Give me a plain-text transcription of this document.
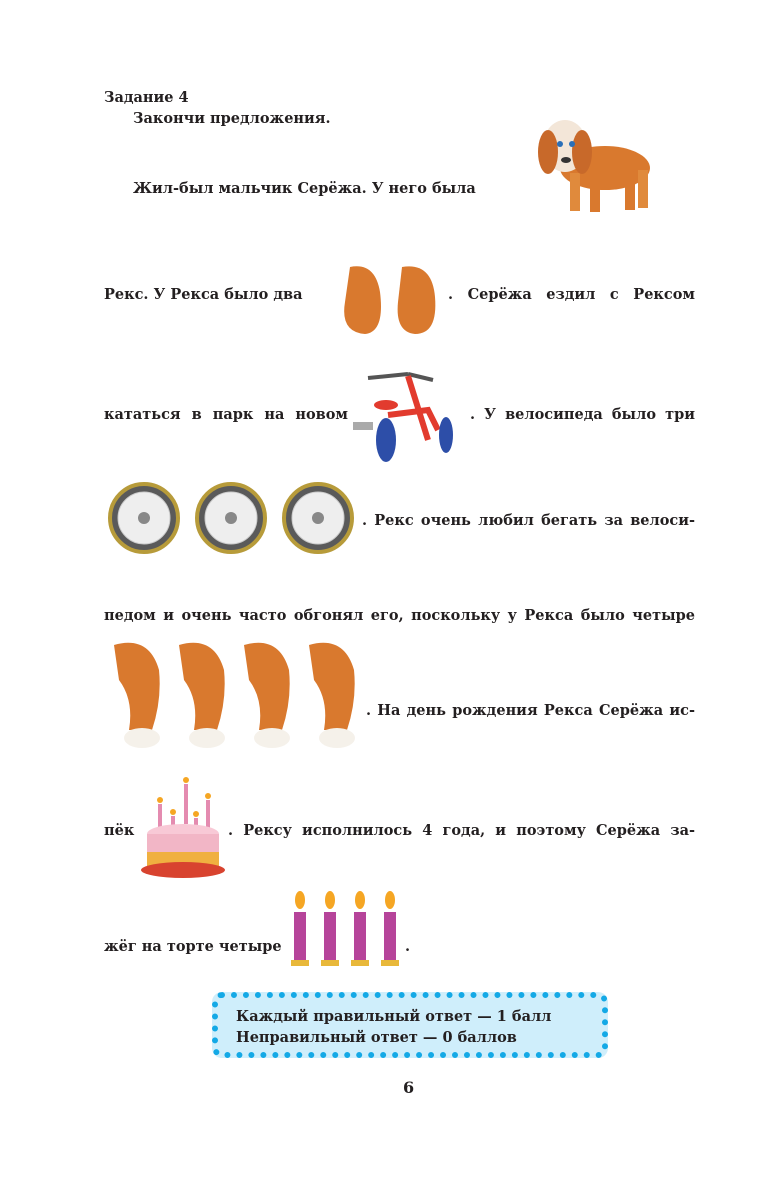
Задание 4
Закончи предложения.
Жил-был мальчик Серёжа. У него была
Рекс. У Рекса было два	. Серёжа ездил с Рексом
кататься в парк на новом	. У велосипеда было три
. Рекс очень любил бегать за велоси-
педом и очень часто обгонял его, поскольку у Рекса было четыре
. На день рождения Рекса Серёжа ис-
пёк	. Рексу исполнилось 4 года, и поэтому Серёжа за-
жёг на торте четыре	.
Каждый правильный ответ — 1 балл
Неправильный ответ — 0 баллов
6
